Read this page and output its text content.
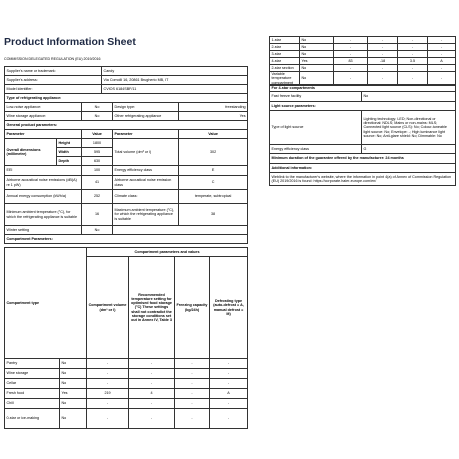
Product Information Sheet
COMMISSION DELEGATED REGULATION (EU) 2019/2016
Supplier's name or trademark:			Candy		
Supplier's address:			Via Comolli 16, 20861 Brugherio MB, IT		
Model identifier:			CVIOS 6184SBF/11		
Type of refrigerating appliance:					
Low-noise appliance:		No		Design type:	freestanding
Wine storage appliance:		No		Other refrigerating appliance	Yes
General product parameters:					
Parameter		Value		Parameter	Value
Overall dimensions (millimetre)	Height	1800		Total volume (dm³ or l)	302
	Width	595			
	Depth	630			
EEI		100		Energy efficiency class	E
Airborne acoustical noise emissions (dB(A) re 1 pW)		41		Airborne acoustical noise emission class	C
Annual energy consumption (kWh/a)		252		Climate class:	temperate, subtropical
Minimum ambient temperature (°C), for which the refrigerating appliance is suitable		16		Maximum ambient temperature (°C), for which the refrigerating appliance is suitable	38
Winter setting		No			
Compartment Parameters:					
Compartment type		Compartment parameters and values			
		Compartment volume (dm³ or l)	Recommended temperature setting for optimised food storage (°C) These settings shall not contradict the storage conditions set out in Annex IV, Table 3	Freezing capacity (kg/24h)	Defrosting type (auto-defrost = A, manual defrost = M)
Pantry	No	-	-	-	-
Wine storage	No	-	-	-	-
Cellar	No	-	-	-	-
Fresh food	Yes	219	4	-	A
Chill	No	-	-	-	-
0-star or ice-making	No	-	-	-	-
1-star	No	-	-	-	-
2-star	No	-	-	-	-
3-star	No	-	-	-	-
4-star	Yes	83	-18	3.5	A
2-star section	No	-	-	-	-
Variable temperature compartment	No	-	-	-	-
For 4-star compartments	
Fast freeze facility	No
Light source parameters:	
Type of light source	Lighting technology: LED; Non-directional or directional: NDLS; Mains or non-mains: MLS; Connected light source (CLS): No; Colour-tuneable light source: No; Envelope: -; High luminance light source: No; Anti-glare shield: No; Dimmable: No
Energy efficiency class	G
Minimum duration of the guarantee offered by the manufacturer: 24 months	
Additional information:	
Weblink to the manufacturer's website, where the information in point 4(a) of Annex of Commission Regulation (EU) 2019/2016 is found: https://corporate.haier-europe.com/en/	
